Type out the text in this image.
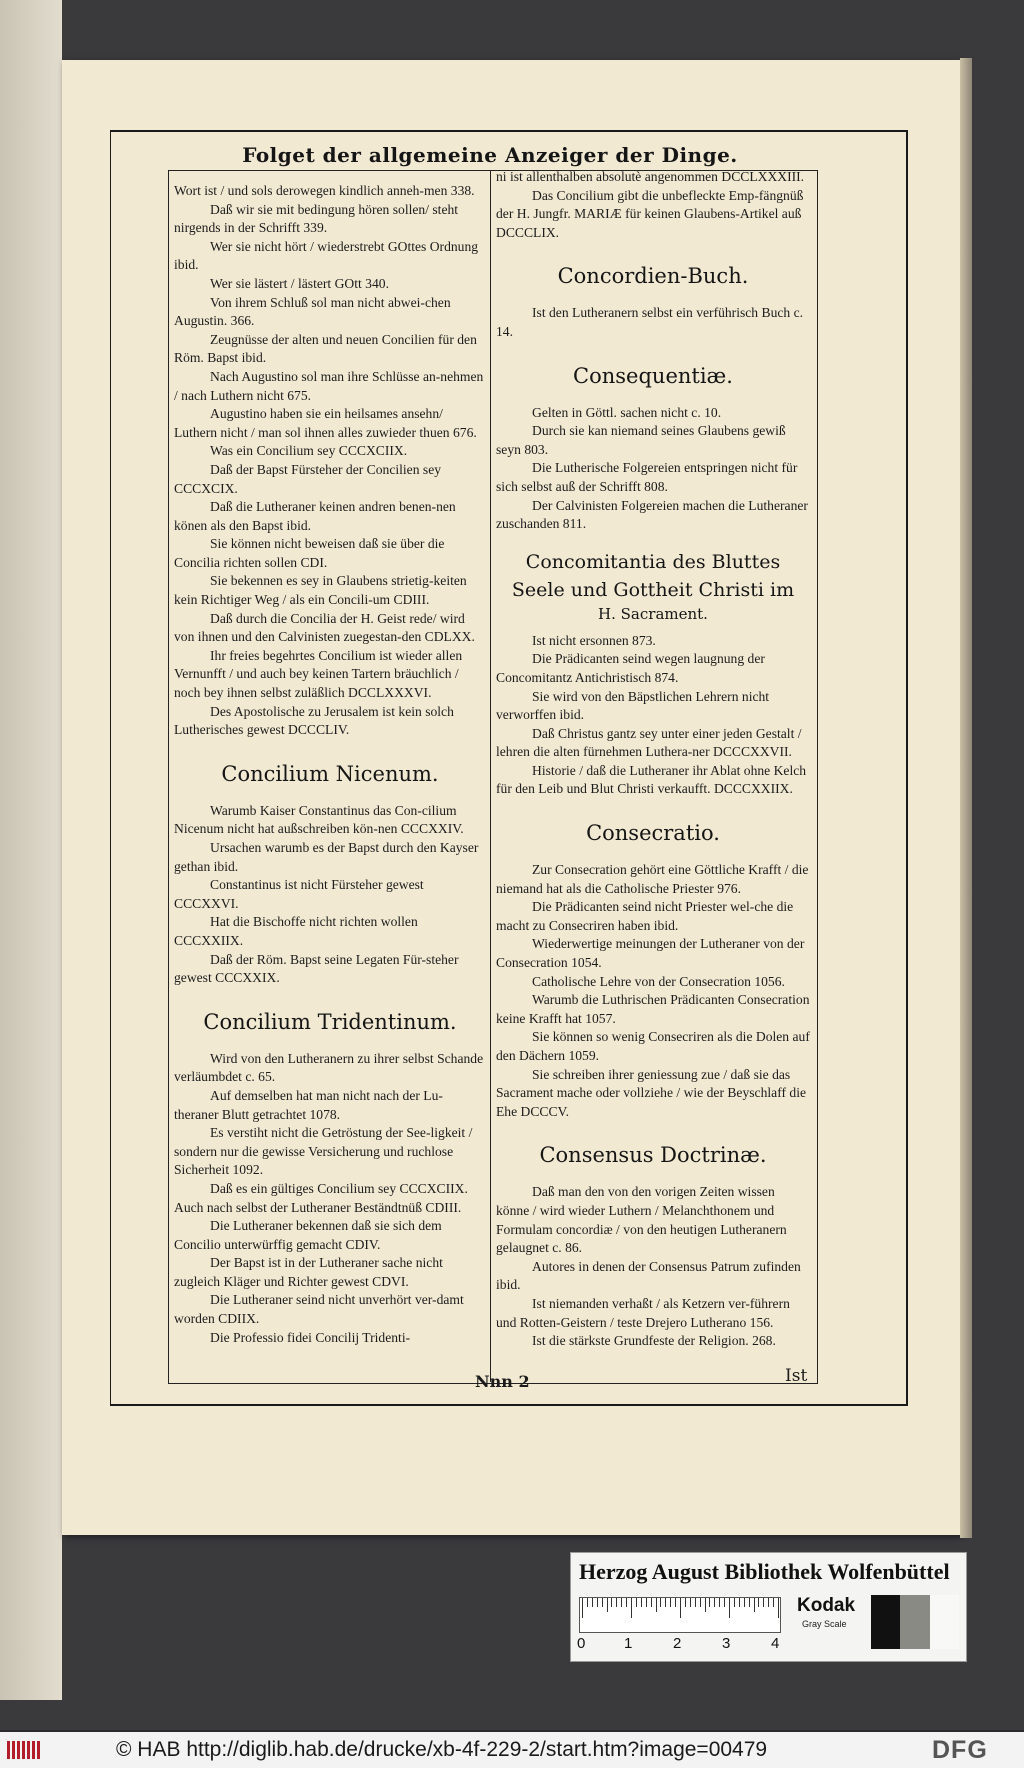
Folget der allgemeine Anzeiger der Dinge.

Wort ist / und sols derowegen kindlich anneh-men 338.

Daß wir sie mit bedingung hören sollen/ steht nirgends in der Schrifft 339.

Wer sie nicht hört / wiederstrebt GOttes Ordnung ibid.

Wer sie lästert / lästert GOtt 340.

Von ihrem Schluß sol man nicht abwei-chen Augustin. 366.

Zeugnüsse der alten und neuen Concilien für den Röm. Bapst ibid.

Nach Augustino sol man ihre Schlüsse an-nehmen / nach Luthern nicht 675.

Augustino haben sie ein heilsames ansehn/ Luthern nicht / man sol ihnen alles zuwieder thuen 676.

Was ein Concilium sey CCCXCIIX.

Daß der Bapst Fürsteher der Concilien sey CCCXCIX.

Daß die Lutheraner keinen andren benen-nen könen als den Bapst ibid.

Sie können nicht beweisen daß sie über die Concilia richten sollen CDI.

Sie bekennen es sey in Glaubens strietig-keiten kein Richtiger Weg / als ein Concili-um CDIII.

Daß durch die Concilia der H. Geist rede/ wird von ihnen und den Calvinisten zuegestan-den CDLXX.

Ihr freies begehrtes Concilium ist wieder allen Vernunfft / und auch bey keinen Tartern bräuchlich / noch bey ihnen selbst zuläßlich DCCLXXXVI.

Des Apostolische zu Jerusalem ist kein solch Lutherisches gewest DCCCLIV.

Concilium Nicenum.

Warumb Kaiser Constantinus das Con-cilium Nicenum nicht hat außschreiben kön-nen CCCXXIV.

Ursachen warumb es der Bapst durch den Kayser gethan ibid.

Constantinus ist nicht Fürsteher gewest CCCXXVI.

Hat die Bischoffe nicht richten wollen CCCXXIIX.

Daß der Röm. Bapst seine Legaten Für-steher gewest CCCXXIX.

Concilium Tridentinum.

Wird von den Lutheranern zu ihrer selbst Schande verläumbdet c. 65.

Auf demselben hat man nicht nach der Lu-theraner Blutt getrachtet 1078.

Es verstiht nicht die Getröstung der See-ligkeit / sondern nur die gewisse Versicherung und ruchlose Sicherheit 1092.

Daß es ein gültiges Concilium sey CCCXCIIX. Auch nach selbst der Lutheraner Beständtnüß CDIII.

Die Lutheraner bekennen daß sie sich dem Concilio unterwürffig gemacht CDIV.

Der Bapst ist in der Lutheraner sache nicht zugleich Kläger und Richter gewest CDVI.

Die Lutheraner seind nicht unverhört ver-damt worden CDIIX.

Die Professio fidei Concilij Tridenti-

ni ist allenthalben absolutè angenommen DCCLXXXIII.

Das Concilium gibt die unbefleckte Emp-fängnüß der H. Jungfr. MARIÆ für keinen Glaubens-Artikel auß DCCCLIX.

Concordien-Buch.

Ist den Lutheranern selbst ein verführisch Buch c. 14.

Consequentiæ.

Gelten in Göttl. sachen nicht c. 10.

Durch sie kan niemand seines Glaubens gewiß seyn 803.

Die Lutherische Folgereien entspringen nicht für sich selbst auß der Schrifft 808.

Der Calvinisten Folgereien machen die Lutheraner zuschanden 811.

Concomitantia des Bluttes
Seele und Gottheit Christi im
H. Sacrament.

Ist nicht ersonnen 873.

Die Prädicanten seind wegen laugnung der Concomitantz Antichristisch 874.

Sie wird von den Bäpstlichen Lehrern nicht verworffen ibid.

Daß Christus gantz sey unter einer jeden Gestalt / lehren die alten fürnehmen Luthera-ner DCCCXXVII.

Historie / daß die Lutheraner ihr Ablat ohne Kelch für den Leib und Blut Christi verkaufft. DCCCXXIIX.

Consecratio.

Zur Consecration gehört eine Göttliche Krafft / die niemand hat als die Catholische Priester 976.

Die Prädicanten seind nicht Priester wel-che die macht zu Consecriren haben ibid.

Wiederwertige meinungen der Lutheraner von der Consecration 1054.

Catholische Lehre von der Consecration 1056.

Warumb die Luthrischen Prädicanten Consecration keine Krafft hat 1057.

Sie können so wenig Consecriren als die Dolen auf den Dächern 1059.

Sie schreiben ihrer geniessung zue / daß sie das Sacrament mache oder vollziehe / wie der Beyschlaff die Ehe DCCCV.

Consensus Doctrinæ.

Daß man den von den vorigen Zeiten wissen könne / wird wieder Luthern / Melanchthonem und Formulam concordiæ / von den heutigen Lutheranern gelaugnet c. 86.

Autores in denen der Consensus Patrum zufinden ibid.

Ist niemanden verhaßt / als Ketzern ver-führern und Rotten-Geistern / teste Drejero Lutherano 156.

Ist die stärkste Grundfeste der Religion. 268.

Nnn 2	Ist
Herzog August Bibliothek Wolfenbüttel
0	1	2	3	4
Kodak
Gray Scale
© HAB http://diglib.hab.de/drucke/xb-4f-229-2/start.htm?image=00479	DFG
